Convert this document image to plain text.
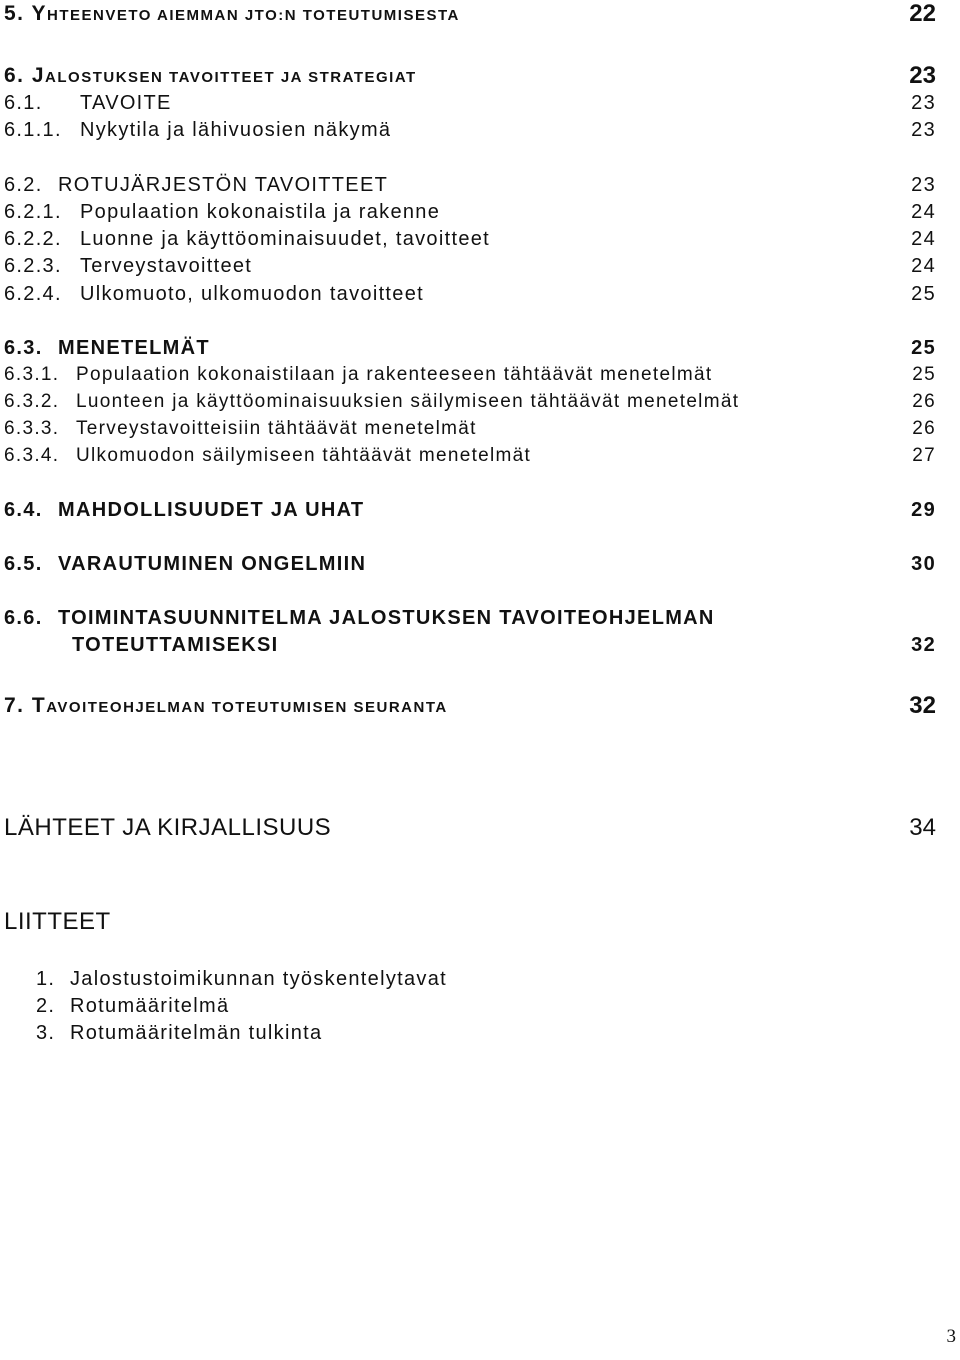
5. YHTEENVETO AIEMMAN JTO:N TOTEUTUMISESTA	22
6. JALOSTUKSEN TAVOITTEET JA STRATEGIAT	23
6.1. TAVOITE	23
6.1.1. Nykytila ja lähivuosien näkymä	23
6.2. ROTUJÄRJESTÖN TAVOITTEET	23
6.2.1. Populaation kokonaistila ja rakenne	24
6.2.2. Luonne ja käyttöominaisuudet, tavoitteet	24
6.2.3. Terveystavoitteet	24
6.2.4. Ulkomuoto, ulkomuodon tavoitteet	25
6.3. MENETELMÄT	25
6.3.1. Populaation kokonaistilaan ja rakenteeseen tähtäävät menetelmät	25
6.3.2. Luonteen ja käyttöominaisuuksien säilymiseen tähtäävät menetelmät	26
6.3.3. Terveystavoitteisiin tähtäävät menetelmät	26
6.3.4. Ulkomuodon säilymiseen tähtäävät menetelmät	27
6.4. MAHDOLLISUUDET JA UHAT	29
6.5. VARAUTUMINEN ONGELMIIN	30
6.6. TOIMINTASUUNNITELMA JALOSTUKSEN TAVOITEOHJELMAN
TOTEUTTAMISEKSI	32
7. TAVOITEOHJELMAN TOTEUTUMISEN SEURANTA	32
LÄHTEET JA KIRJALLISUUS	34
LIITTEET
1. Jalostustoimikunnan työskentelytavat
2. Rotumääritelmä
3. Rotumääritelmän tulkinta
3
